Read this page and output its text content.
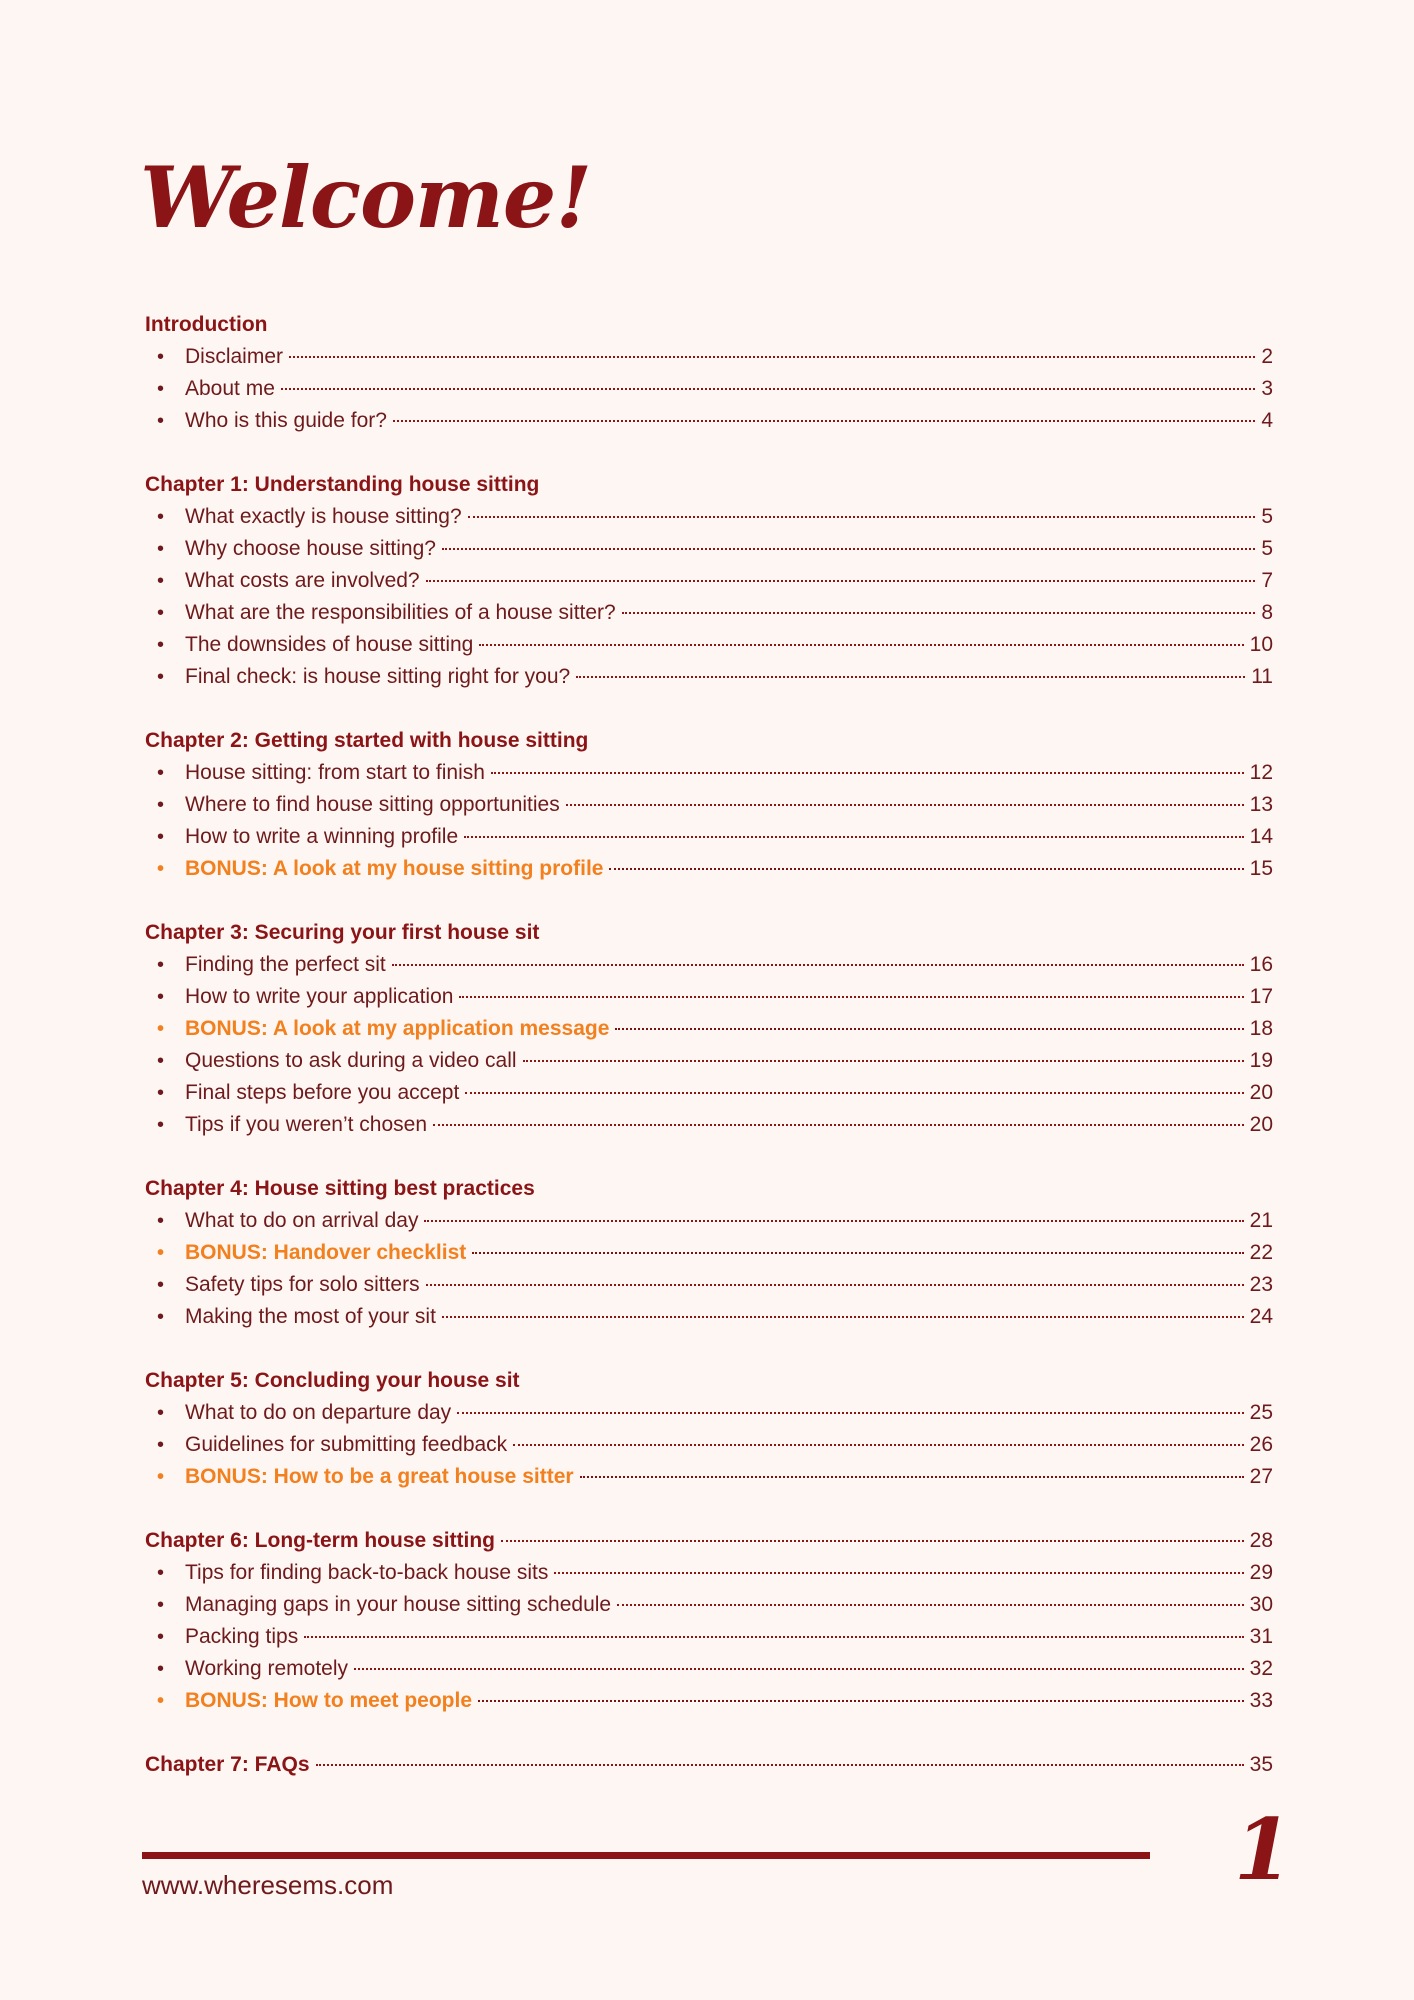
Welcome!
Introduction
• Disclaimer	2
• About me	3
• Who is this guide for?	4
Chapter 1: Understanding house sitting
• What exactly is house sitting?	5
• Why choose house sitting?	5
• What costs are involved?	7
• What are the responsibilities of a house sitter?	8
• The downsides of house sitting	10
• Final check: is house sitting right for you?	11
Chapter 2: Getting started with house sitting
• House sitting: from start to finish	12
• Where to find house sitting opportunities	13
• How to write a winning profile	14
• BONUS: A look at my house sitting profile	15
Chapter 3: Securing your first house sit
• Finding the perfect sit	16
• How to write your application	17
• BONUS: A look at my application message	18
• Questions to ask during a video call	19
• Final steps before you accept	20
• Tips if you weren’t chosen	20
Chapter 4: House sitting best practices
• What to do on arrival day	21
• BONUS: Handover checklist	22
• Safety tips for solo sitters	23
• Making the most of your sit	24
Chapter 5: Concluding your house sit
• What to do on departure day	25
• Guidelines for submitting feedback	26
• BONUS: How to be a great house sitter	27
Chapter 6: Long-term house sitting	28
• Tips for finding back-to-back house sits	29
• Managing gaps in your house sitting schedule	30
• Packing tips	31
• Working remotely	32
• BONUS: How to meet people	33
Chapter 7: FAQs	35
1
www.wheresems.com
